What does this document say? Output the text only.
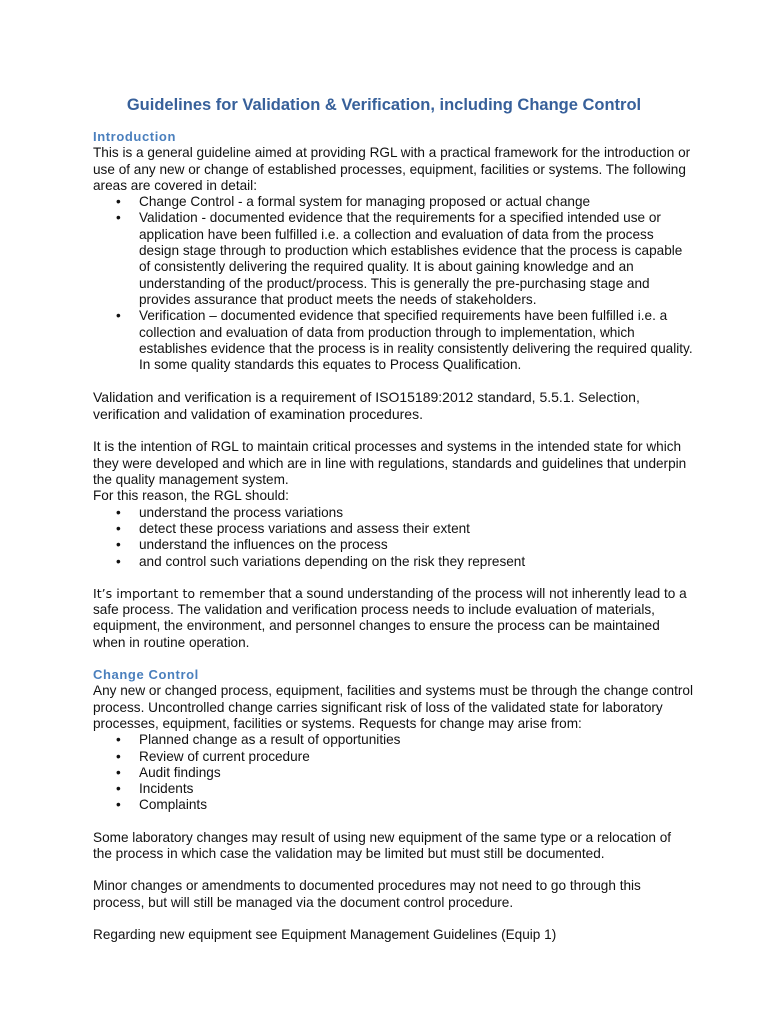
Guidelines for Validation & Verification, including Change Control
Introduction

This is a general guideline aimed at providing RGL with a practical framework for the introduction or use of any new or change of established processes, equipment, facilities or systems. The following areas are covered in detail:

• Change Control - a formal system for managing proposed or actual change
• Validation - documented evidence that the requirements for a specified intended use or application have been fulfilled i.e. a collection and evaluation of data from the process design stage through to production which establishes evidence that the process is capable of consistently delivering the required quality. It is about gaining knowledge and an understanding of the product/process. This is generally the pre-purchasing stage and provides assurance that product meets the needs of stakeholders.
• Verification – documented evidence that specified requirements have been fulfilled i.e. a collection and evaluation of data from production through to implementation, which establishes evidence that the process is in reality consistently delivering the required quality. In some quality standards this equates to Process Qualification.

Validation and verification is a requirement of ISO15189:2012 standard, 5.5.1. Selection, verification and validation of examination procedures.

It is the intention of RGL to maintain critical processes and systems in the intended state for which they were developed and which are in line with regulations, standards and guidelines that underpin the quality management system.

For this reason, the RGL should:

• understand the process variations
• detect these process variations and assess their extent
• understand the influences on the process
• and control such variations depending on the risk they represent

It’s important to remember that a sound understanding of the process will not inherently lead to a safe process. The validation and verification process needs to include evaluation of materials, equipment, the environment, and personnel changes to ensure the process can be maintained when in routine operation.

Change Control

Any new or changed process, equipment, facilities and systems must be through the change control process. Uncontrolled change carries significant risk of loss of the validated state for laboratory processes, equipment, facilities or systems. Requests for change may arise from:

• Planned change as a result of opportunities
• Review of current procedure
• Audit findings
• Incidents
• Complaints

Some laboratory changes may result of using new equipment of the same type or a relocation of the process in which case the validation may be limited but must still be documented.

Minor changes or amendments to documented procedures may not need to go through this process, but will still be managed via the document control procedure.

Regarding new equipment see Equipment Management Guidelines (Equip 1)
